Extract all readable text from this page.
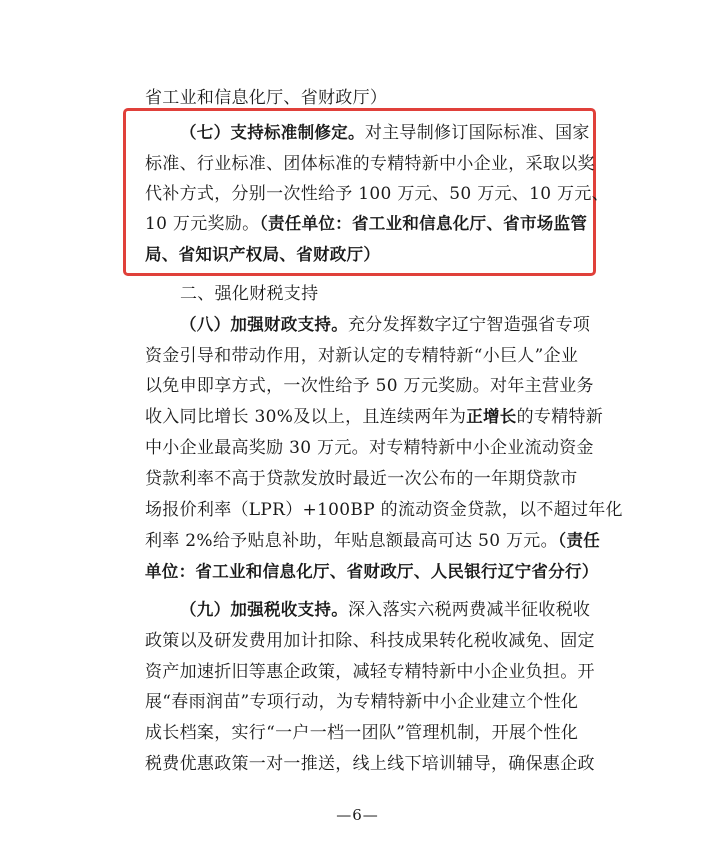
省工业和信息化厅、省财政厅）
（七）支持标准制修定。对主导制修订国际标准、国家
标准、行业标准、团体标准的专精特新中小企业，采取以奖
代补方式，分别一次性给予 100 万元、50 万元、10 万元、
10 万元奖励。（责任单位：省工业和信息化厅、省市场监管
局、省知识产权局、省财政厅）
二、强化财税支持
（八）加强财政支持。充分发挥数字辽宁智造强省专项
资金引导和带动作用，对新认定的专精特新“小巨人”企业
以免申即享方式，一次性给予 50 万元奖励。对年主营业务
收入同比增长 30%及以上，且连续两年为正增长的专精特新
中小企业最高奖励 30 万元。对专精特新中小企业流动资金
贷款利率不高于贷款发放时最近一次公布的一年期贷款市
场报价利率（LPR）+100BP 的流动资金贷款，以不超过年化
利率 2%给予贴息补助，年贴息额最高可达 50 万元。（责任
单位：省工业和信息化厅、省财政厅、人民银行辽宁省分行）
（九）加强税收支持。深入落实六税两费减半征收税收
政策以及研发费用加计扣除、科技成果转化税收减免、固定
资产加速折旧等惠企政策，减轻专精特新中小企业负担。开
展“春雨润苗”专项行动，为专精特新中小企业建立个性化
成长档案，实行“一户一档一团队”管理机制，开展个性化
税费优惠政策一对一推送，线上线下培训辅导，确保惠企政
—6—
